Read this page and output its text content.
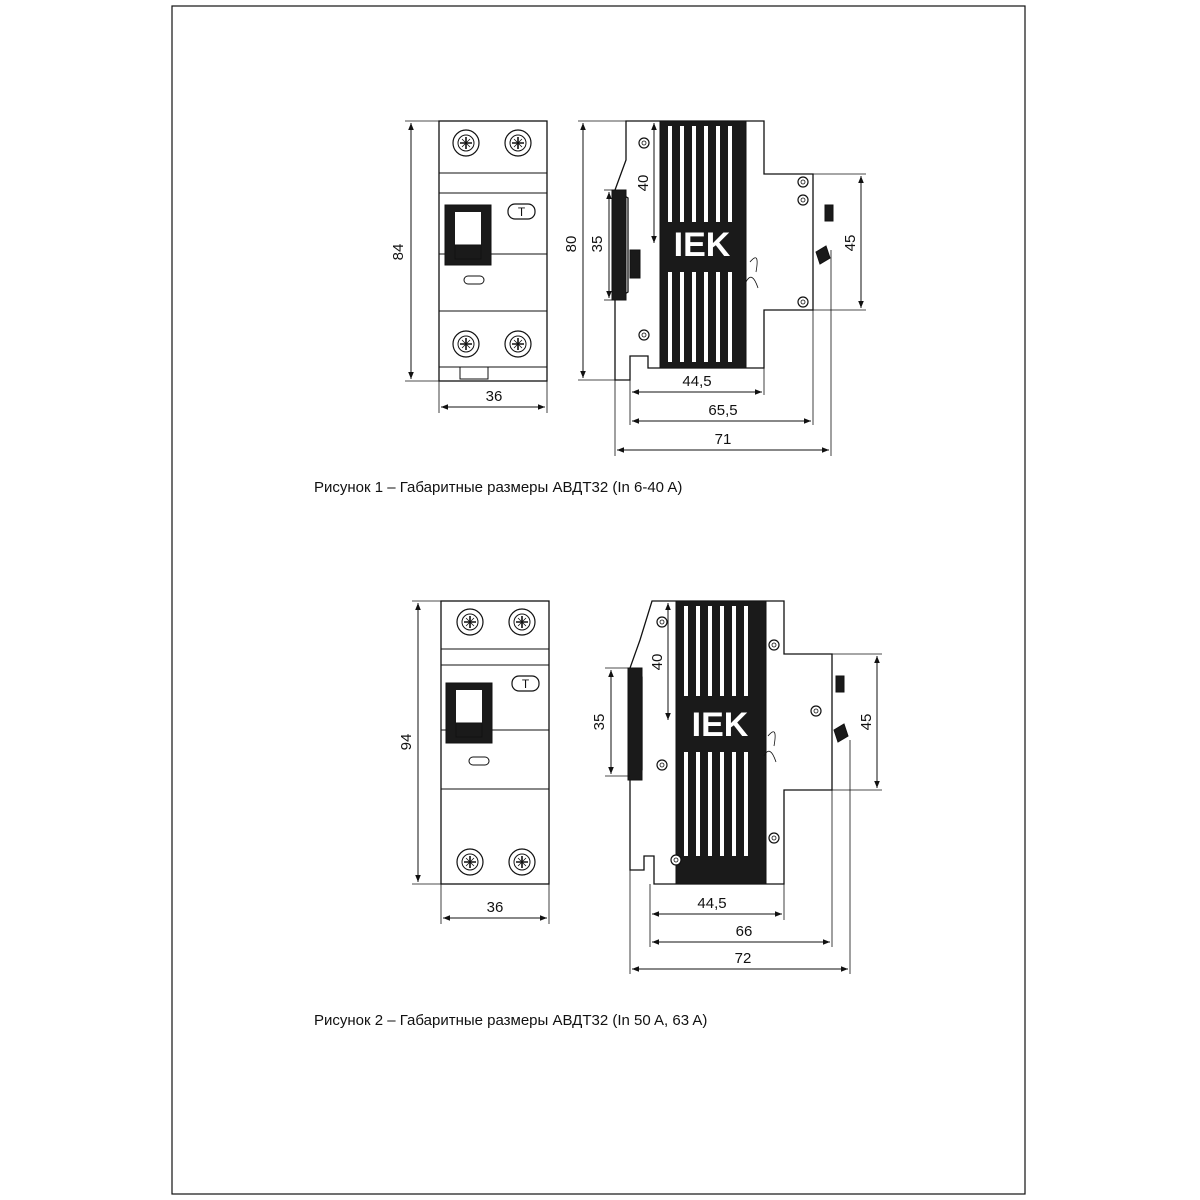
T
84
36
IEK
80 35
40
45
44,5
65,5
71
Рисунок 1 – Габаритные размеры АВДТ32 (In 6-40 A)
T
94
36
IEK
35
40
45
44,5
66
72
Рисунок 2 – Габаритные размеры АВДТ32 (In 50 A, 63 A)
